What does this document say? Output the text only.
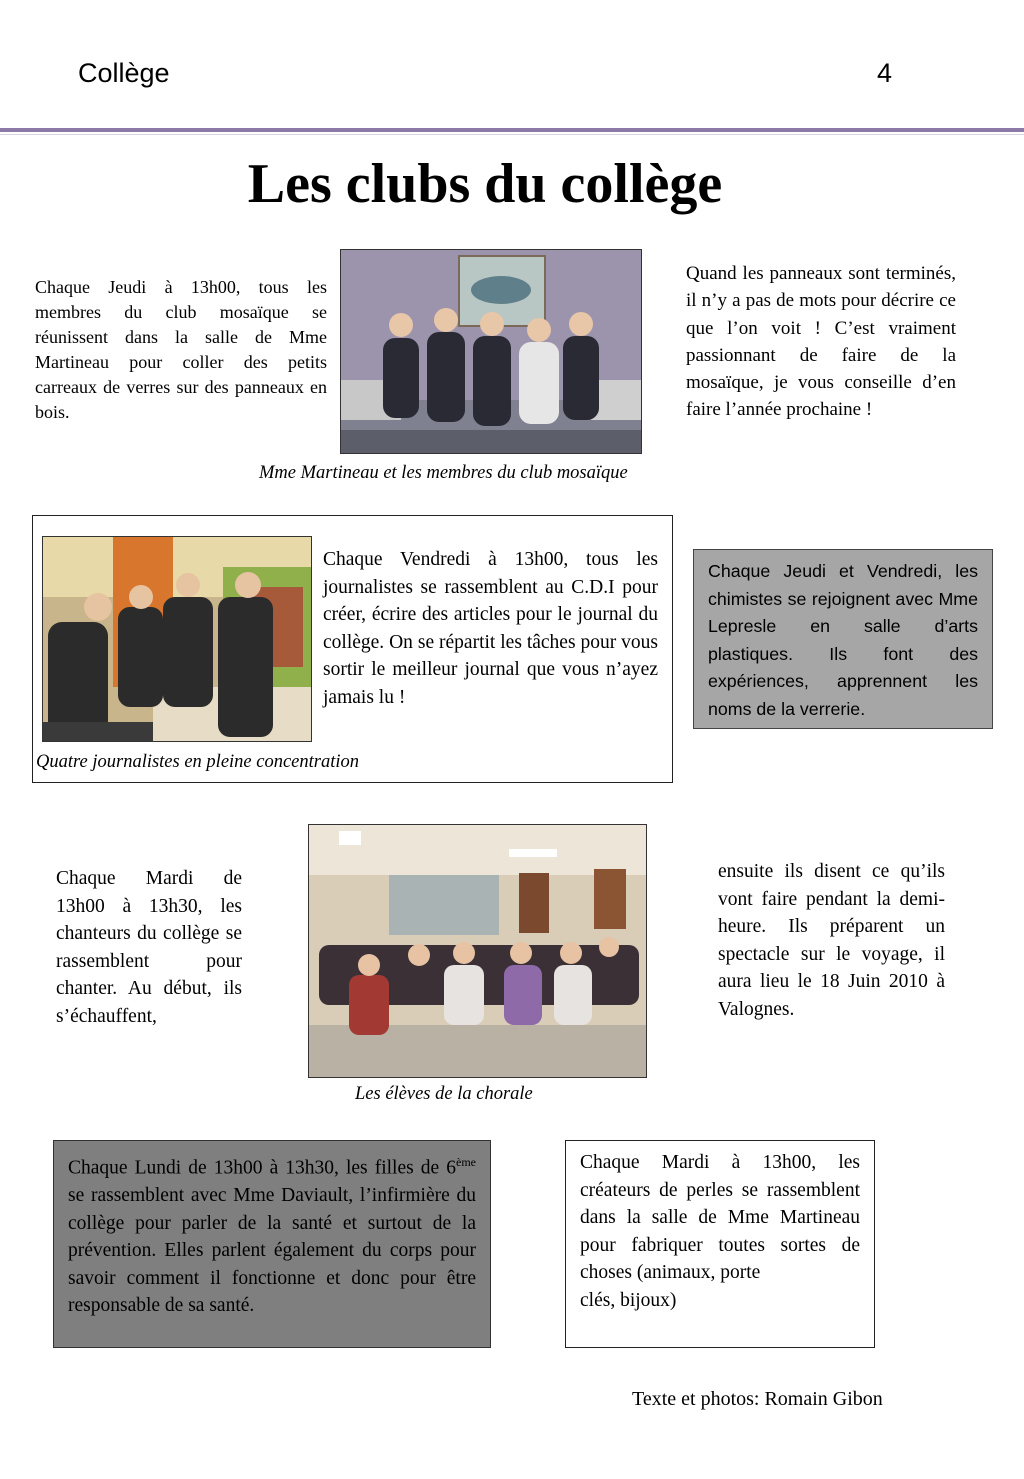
Collège	4
Les clubs du collège
Chaque Jeudi à 13h00, tous les membres du club mosaïque se réunissent dans la salle de Mme Martineau pour coller des petits carreaux de verres sur des panneaux en bois.
Quand les panneaux sont terminés, il n’y a pas de mots pour décrire ce que l’on voit ! C’est vraiment passionnant de faire de la mosaïque, je vous conseille d’en faire l’année prochaine !
Mme Martineau et les membres du club mosaïque
Chaque Vendredi à 13h00, tous les journalistes se rassemblent au C.D.I pour créer, écrire des articles pour le journal du collège. On se répartit les tâches pour vous sortir le meilleur journal que vous n’ayez jamais lu !
Quatre journalistes en pleine concentration
Chaque Jeudi et Vendredi, les chimistes se rejoignent avec Mme Lepresle en salle d’arts plastiques. Ils font des expériences, apprennent les noms de la verrerie.
Chaque Mardi de 13h00 à 13h30, les chanteurs du collège se rassemblent pour chanter. Au début, ils s’échauffent,
ensuite ils disent ce qu’ils vont faire pendant la demi-heure. Ils préparent un spectacle sur le voyage, il aura lieu le 18 Juin 2010 à Valognes.
Les élèves de la chorale
Chaque Lundi de 13h00 à 13h30, les filles de 6ème se rassemblent avec Mme Daviault, l’infirmière du collège pour parler de la santé et surtout de la prévention. Elles parlent également du corps pour savoir comment il fonctionne et donc pour être responsable de sa santé.
Chaque Mardi à 13h00, les créateurs de perles se rassemblent dans la salle de Mme Martineau pour fabriquer toutes sortes de choses (animaux, porte
clés, bijoux)
Texte et photos: Romain Gibon
